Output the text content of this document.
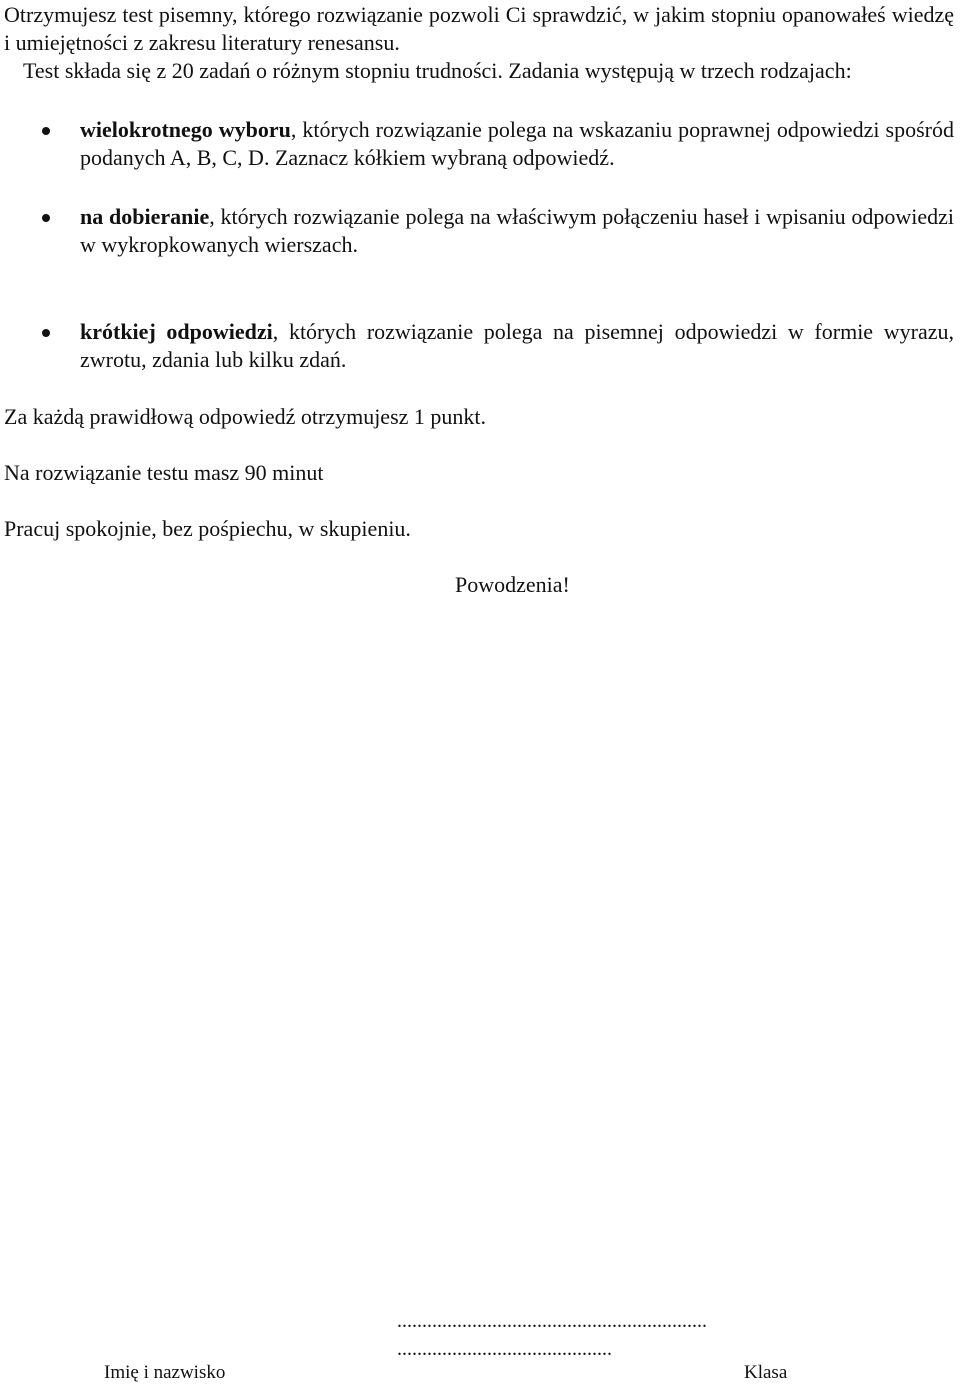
Otrzymujesz test pisemny, którego rozwiązanie pozwoli Ci sprawdzić, w jakim stopniu opanowałeś wiedzę i umiejętności z zakresu literatury renesansu.
Test składa się z 20 zadań o różnym stopniu trudności. Zadania występują w trzech rodzajach:
wielokrotnego wyboru, których rozwiązanie polega na wskazaniu poprawnej odpowiedzi spośród podanych A, B, C, D. Zaznacz kółkiem wybraną odpowiedź.
na dobieranie, których rozwiązanie polega na właściwym połączeniu haseł i wpisaniu odpowiedzi w wykropkowanych wierszach.
krótkiej odpowiedzi, których rozwiązanie polega na pisemnej odpowiedzi w formie wyrazu, zwrotu, zdania lub kilku zdań.

Za każdą prawidłową odpowiedź otrzymujesz 1 punkt.

Na rozwiązanie testu masz 90 minut

Pracuj spokojnie, bez pośpiechu, w skupieniu.

Powodzenia!
..............................................................
...........................................
Imię i nazwisko	Klasa
